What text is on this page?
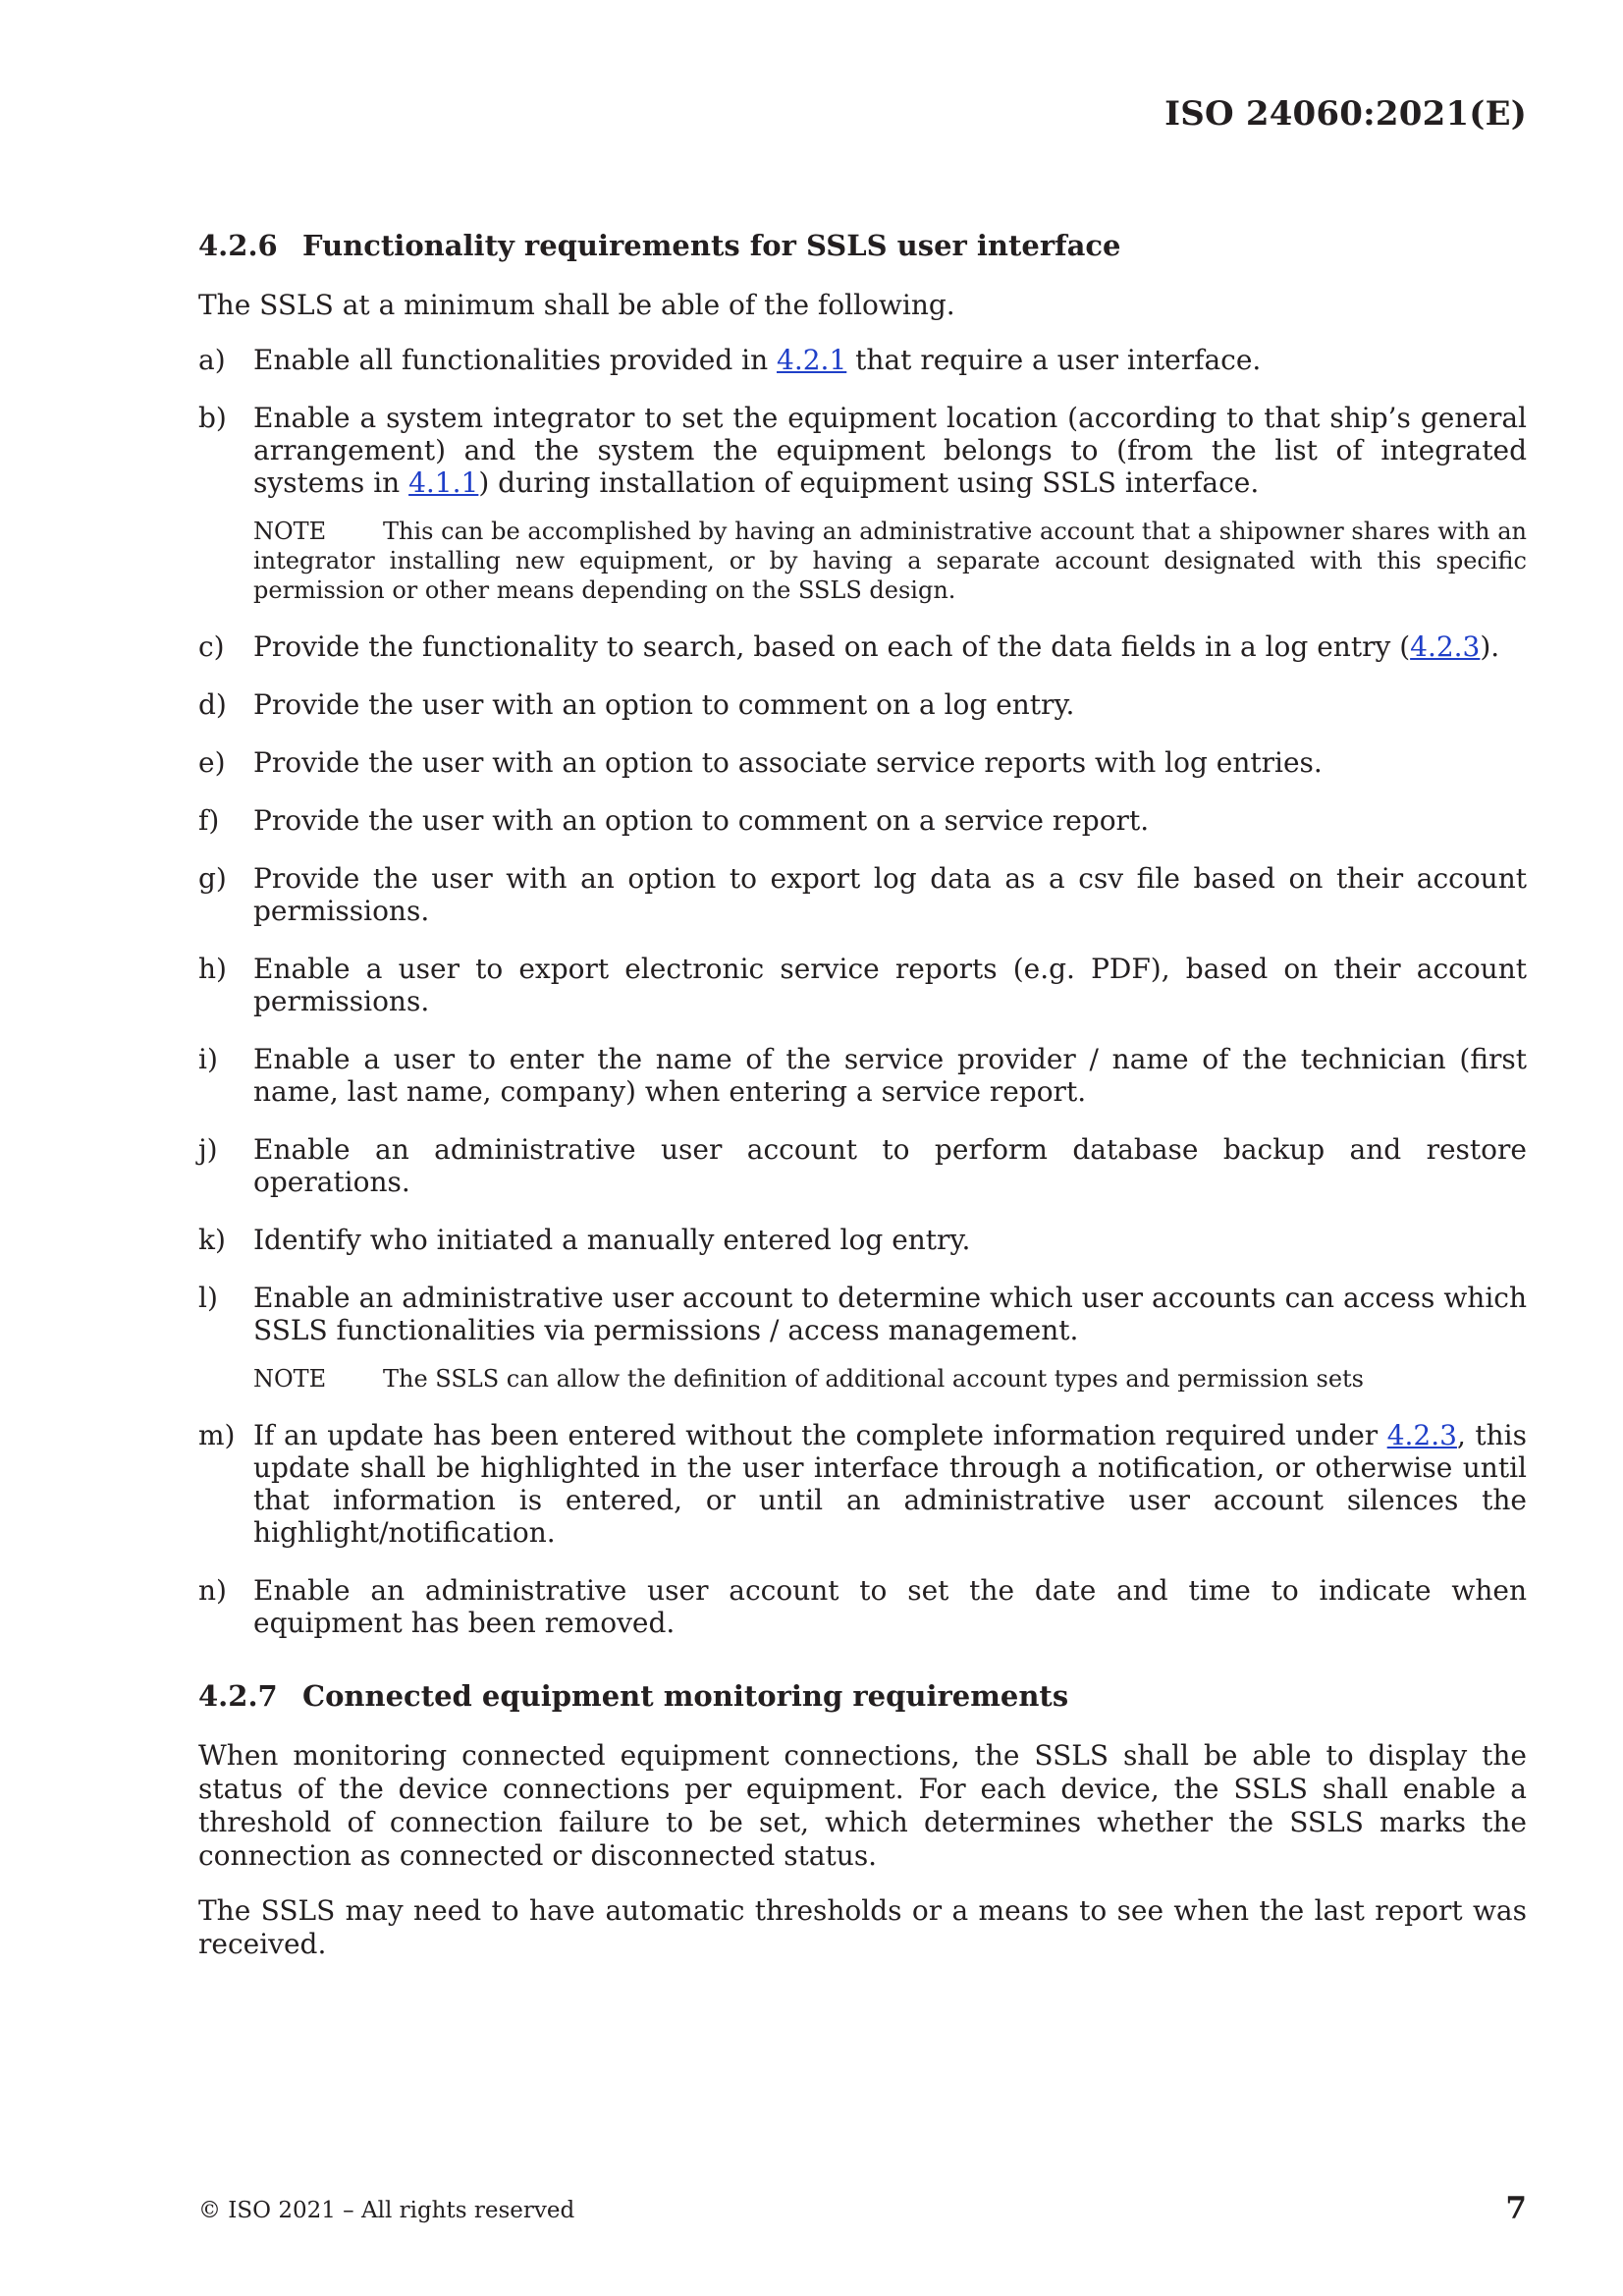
ISO 24060:2021(E)
4.2.6 Functionality requirements for SSLS user interface

The SSLS at a minimum shall be able of the following.

a)	Enable all functionalities provided in 4.2.1 that require a user interface.
b) Enable a system integrator to set the equipment location (according to that ship’s general arrangement) and the system the equipment belongs to (from the list of integrated systems in 4.1.1) during installation of equipment using SSLS interface.
NOTE This can be accomplished by having an administrative account that a shipowner shares with an integrator installing new equipment, or by having a separate account designated with this specific permission or other means depending on the SSLS design.
c)	Provide the functionality to search, based on each of the data fields in a log entry (4.2.3).
d) Provide the user with an option to comment on a log entry.
e)	Provide the user with an option to associate service reports with log entries.
f)	Provide the user with an option to comment on a service report.
g) Provide the user with an option to export log data as a csv file based on their account permissions.
h) Enable a user to export electronic service reports (e.g. PDF), based on their account permissions.
i)	Enable a user to enter the name of the service provider / name of the technician (first name, last name, company) when entering a service report.
j)	Enable an administrative user account to perform database backup and restore operations.
k)	Identify who initiated a manually entered log entry.
l)	Enable an administrative user account to determine which user accounts can access which SSLS functionalities via permissions / access management.
NOTE The SSLS can allow the definition of additional account types and permission sets
m) If an update has been entered without the complete information required under 4.2.3, this update shall be highlighted in the user interface through a notification, or otherwise until that information is entered, or until an administrative user account silences the highlight/notification.
n) Enable an administrative user account to set the date and time to indicate when equipment has been removed.
4.2.7 Connected equipment monitoring requirements

When monitoring connected equipment connections, the SSLS shall be able to display the status of the device connections per equipment. For each device, the SSLS shall enable a threshold of connection failure to be set, which determines whether the SSLS marks the connection as connected or disconnected status.

The SSLS may need to have automatic thresholds or a means to see when the last report was received.

© ISO 2021 – All rights reserved	7
